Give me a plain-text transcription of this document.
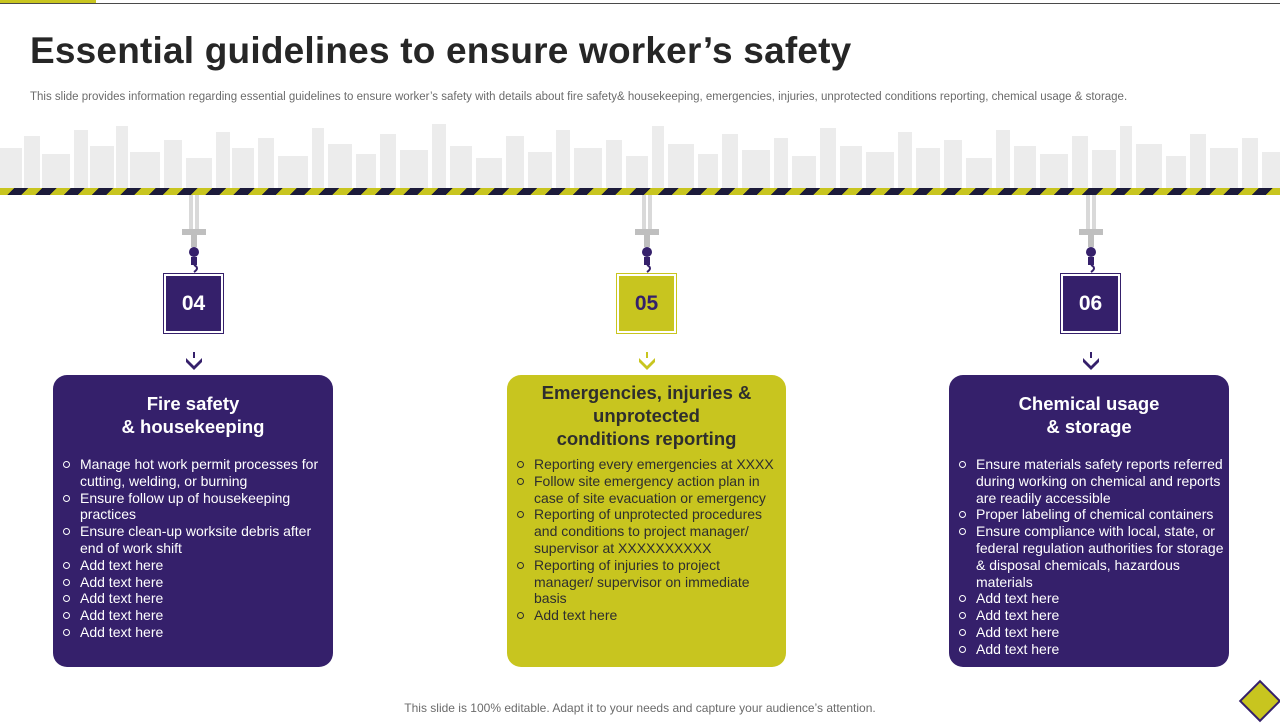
Essential guidelines to ensure worker’s safety

This slide provides information regarding essential guidelines to ensure worker’s safety with details about fire safety& housekeeping, emergencies, injuries, unprotected conditions reporting, chemical usage & storage.

04
Fire safety
& housekeeping
Manage hot work permit processes for cutting, welding, or burning
Ensure follow up of housekeeping practices
Ensure clean-up worksite debris after end of work shift
Add text here
Add text here
Add text here
Add text here
Add text here
05
Emergencies, injuries &
unprotected
conditions reporting
Reporting every emergencies at XXXX
Follow site emergency action plan in case of site evacuation or emergency
Reporting of unprotected procedures and conditions to project manager/ supervisor at XXXXXXXXXX
Reporting of injuries to project manager/ supervisor on immediate basis
Add text here
06
Chemical usage
& storage
Ensure materials safety reports referred during working on chemical and reports are readily accessible
Proper labeling of chemical containers
Ensure compliance with local, state, or federal regulation authorities for storage & disposal chemicals, hazardous materials
Add text here
Add text here
Add text here
Add text here

This slide is 100% editable. Adapt it to your needs and capture your audience’s attention.
